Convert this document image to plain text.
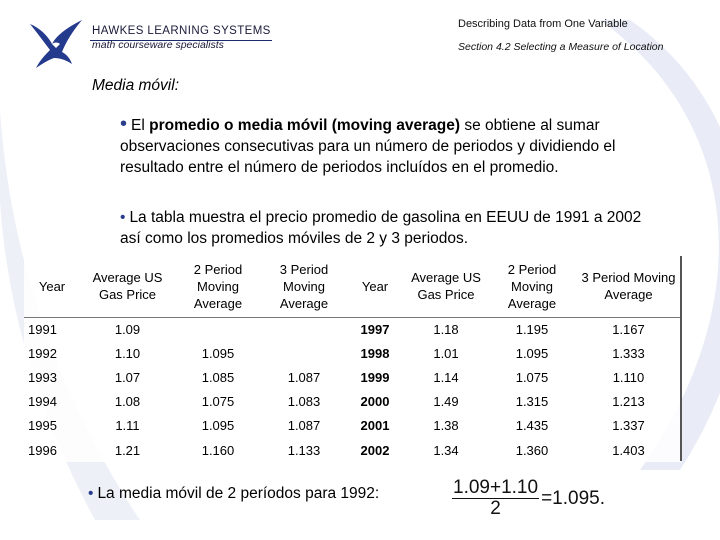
HAWKES LEARNING SYSTEMS
math courseware specialists
Describing Data from One Variable
Section 4.2 Selecting a Measure of Location
Media móvil:
• El promedio o media móvil (moving average) se obtiene al sumar observaciones consecutivas para un número de periodos y dividiendo el resultado entre el número de periodos incluídos en el promedio.
• La tabla muestra el precio promedio de gasolina en EEUU de 1991 a 2002 así como los promedios móviles de 2 y 3 periodos.
Year	Average US Gas Price	2 Period Moving Average	3 Period Moving Average	Year	Average US Gas Price	2 Period Moving Average	3 Period Moving Average
1991	1.09			1997	1.18	1.195	1.167
1992	1.10	1.095		1998	1.01	1.095	1.333
1993	1.07	1.085	1.087	1999	1.14	1.075	1.110
1994	1.08	1.075	1.083	2000	1.49	1.315	1.213
1995	1.11	1.095	1.087	2001	1.38	1.435	1.337
1996	1.21	1.160	1.133	2002	1.34	1.360	1.403
• La media móvil de 2 períodos para 1992:	$\frac{1.09+1.10}{2} =1.095$.
